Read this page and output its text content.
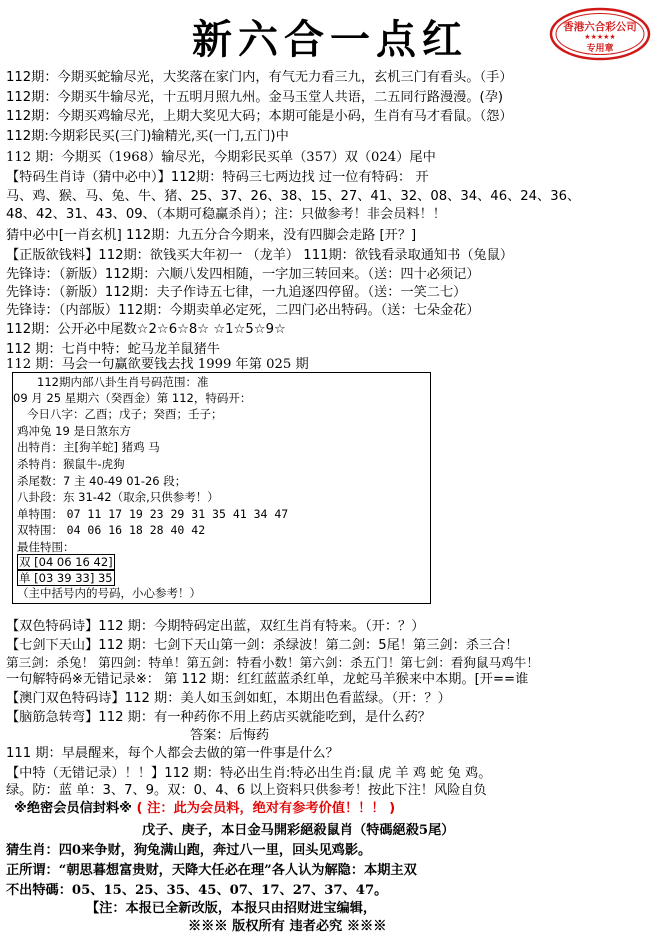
新六合一点红	香港六合彩公司
★★★★★
专用章
112期：今期买蛇输尽光，大奖落在家门内，有气无力看三九，玄机三门有看头。（手）
112期：今期买牛输尽光，十五明月照九州。金马玉堂人共语，二五同行路漫漫。(孕)
112期：今期买鸡输尽光，上期大奖见大码；本期可能是小码，生肖有马才看鼠。（怨）
112期:今期彩民买(三门)输精光,买(一门,五门)中
112 期：今期买（1968）输尽光，今期彩民买单（357）双（024）尾中
【特码生肖诗（猜中必中）】112期：特码三七两边找 过一位有特码： 开
马、鸡、猴、马、兔、牛、猪、25、37、26、38、15、27、41、32、08、34、46、24、36、
48、42、31、43、09、（本期可稳赢杀肖）；注：只做参考！非会员料！！
猜中必中[一肖玄机] 112期：九五分合今期来，没有四脚会走路 [开？]
【正版欲钱料】112期：欲钱买大年初一 （龙羊） 111期：欲钱看录取通知书（兔鼠）
先锋诗：（新版）112期：六顺八发四相随，一字加三转回来。（送：四十必须记）
先锋诗：（新版）112期：夫子作诗五七律，一九追逐四停留。（送：一笑二七）
先锋诗：（内部版）112期：今期卖单必定死，二四门必出特码。（送：七朵金花）
112期：公开必中尾数☆2☆6☆8☆ ☆1☆5☆9☆
112 期：七肖中特：蛇马龙羊鼠猪牛
112 期：马会一句赢欲要钱去找 1999 年第 025 期
112期内部八卦生肖号码范围：准
09 月 25 星期六（癸酉金）第 112，特码开：
今日八字：乙酉；戊子；癸酉；壬子；
鸡冲兔 19 是日煞东方
出特肖：主[狗羊蛇] 猪鸡 马
杀特肖：猴鼠牛-虎狗
杀尾数：7 主 40-49 01-26 段；
八卦段：东 31-42（取余,只供参考！）
单特围： 07 11 17 19 23 29 31 35 41 34 47
双特围： 04 06 16 18 28 40 42
最佳特围：
双 [04 06 16 42]
单 [03 39 33] 35
（主中括号内的号码，小心参考！）
【双色特码诗】112 期：今期特码定出蓝，双红生肖有特来。（开：？）
【七剑下天山】112 期：七剑下天山第一剑：杀绿波！第二剑：5尾！第三剑：杀三合！
第三剑：杀兔！ 第四剑：特单！第五剑：特看小数！第六剑：杀五门！第七剑：看狗鼠马鸡牛！
一句解特码※无错记录※： 第 112 期：红红蓝蓝杀红单，龙蛇马羊猴来中本期。[开==谁
【澳门双色特码诗】112 期：美人如玉剑如虹，本期出色看蓝绿。（开：？）
【脑筋急转弯】112 期：有一种药你不用上药店买就能吃到，是什么药？
答案：后悔药
111 期：早晨醒来，每个人都会去做的第一件事是什么？
【中特（无错记录）！！】112 期：特必出生肖:特必出生肖:鼠 虎 羊 鸡 蛇 兔 鸡。
绿。防：蓝 单：3、7、9。双：0、4、6 以上资料只供参考！按此下注！风险自负
※绝密会员信封料※ ( 注：此为会员料，绝对有参考价值！！！ )
戊子、庚子，本日金马開彩絕殺鼠肖（特碼絕殺5尾）
猜生肖：四0来争财，狗兔满山跑，奔过八一里，回头见鸡影。
正所谓：“朝思暮想富贵财，天降大任必在理”各人认为解隐：本期主双
不出特碼：05、15、25、35、45、07、17、27、37、47。
【注：本报已全新改版，本报只由招财进宝编辑，
※※※ 版权所有 违者必究 ※※※
